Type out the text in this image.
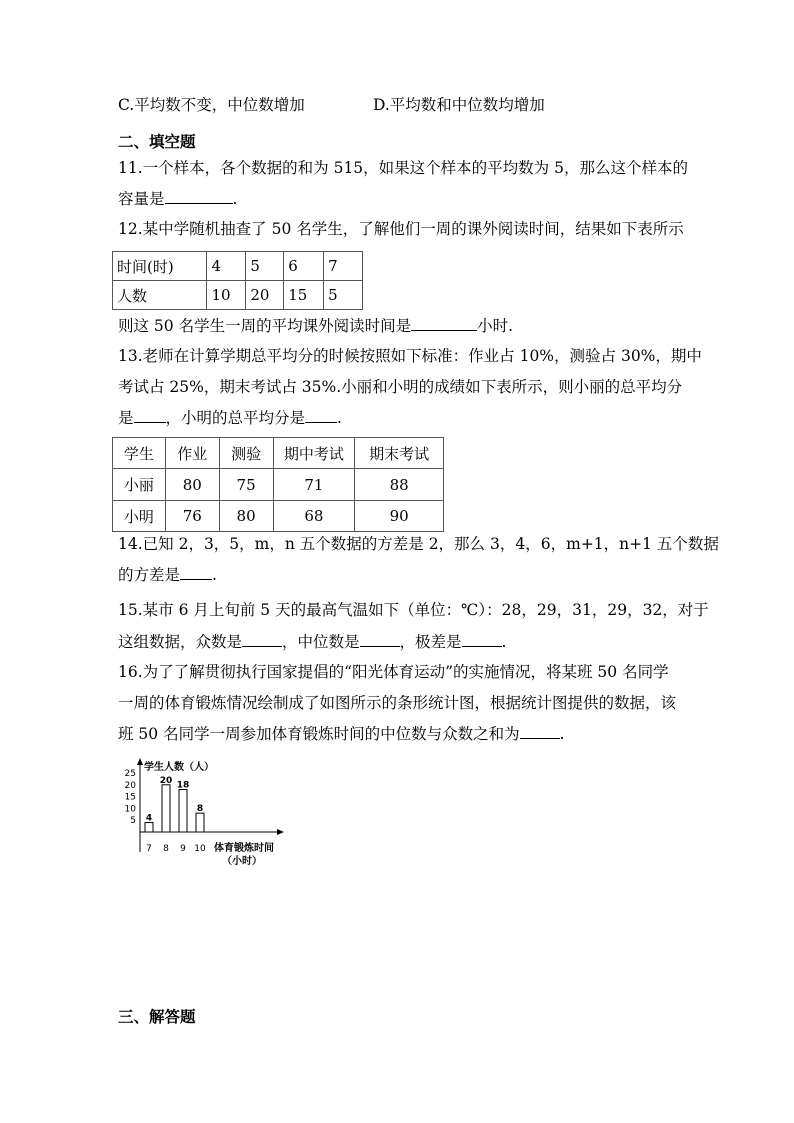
C.平均数不变，中位数增加	D.平均数和中位数均增加
二、填空题
11.一个样本，各个数据的和为 515，如果这个样本的平均数为 5，那么这个样本的
容量是	.
12.某中学随机抽查了 50 名学生，了解他们一周的课外阅读时间，结果如下表所示
时间(时)	4	5	6	7
人数	10	20	15	5
则这 50 名学生一周的平均课外阅读时间是	小时.
13.老师在计算学期总平均分的时候按照如下标准：作业占 10%，测验占 30%，期中
考试占 25%，期末考试占 35%.小丽和小明的成绩如下表所示，则小丽的总平均分
是 ，小明的总平均分是 .
学生	作业	测验	期中考试	期末考试
小丽	80	75	71	88
小明	76	80	68	90
14.已知 2，3，5，m，n 五个数据的方差是 2，那么 3，4，6，m+1，n+1 五个数据
的方差是 .
15.某市 6 月上旬前 5 天的最高气温如下（单位：℃）：28，29，31，29，32，对于
这组数据，众数是	，中位数是	，极差是	.
16.为了了解贯彻执行国家提倡的“阳光体育运动”的实施情况，将某班 50 名同学
一周的体育锻炼情况绘制成了如图所示的条形统计图，根据统计图提供的数据，该
班 50 名同学一周参加体育锻炼时间的中位数与众数之和为	.
学生人数（人）
体育锻炼时间
（小时）
5
10
15
20
25
4
7
20
8
18
9
8
10
三、解答题
